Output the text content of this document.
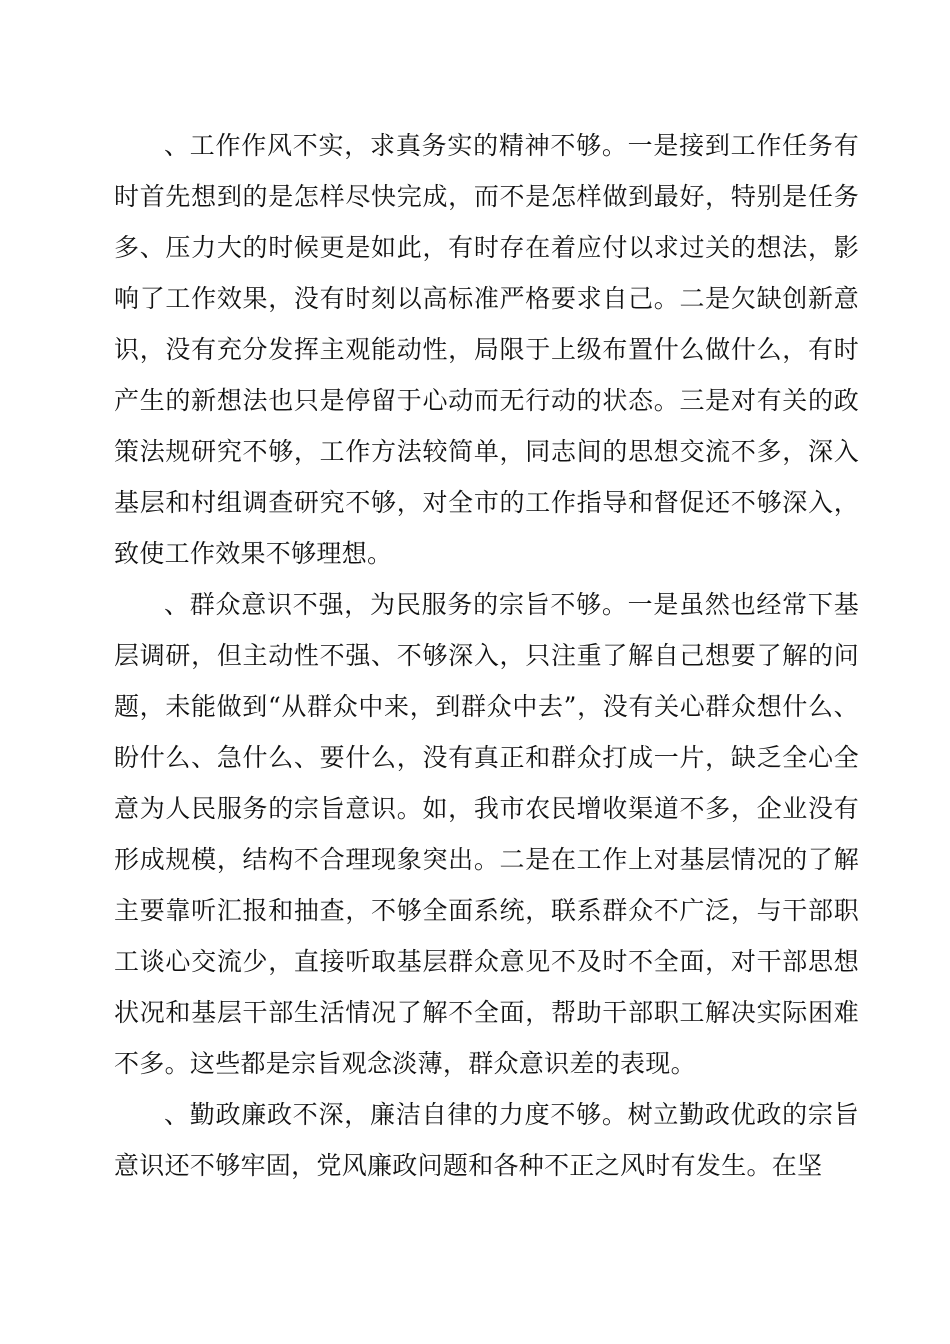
、工作作风不实，求真务实的精神不够。一是接到工作任务有时首先想到的是怎样尽快完成，而不是怎样做到最好，特别是任务多、压力大的时候更是如此，有时存在着应付以求过关的想法，影响了工作效果，没有时刻以高标准严格要求自己。二是欠缺创新意识，没有充分发挥主观能动性，局限于上级布置什么做什么，有时产生的新想法也只是停留于心动而无行动的状态。三是对有关的政策法规研究不够，工作方法较简单，同志间的思想交流不多，深入基层和村组调查研究不够，对全市的工作指导和督促还不够深入，致使工作效果不够理想。

、群众意识不强，为民服务的宗旨不够。一是虽然也经常下基层调研，但主动性不强、不够深入，只注重了解自己想要了解的问题，未能做到“从群众中来，到群众中去”，没有关心群众想什么、盼什么、急什么、要什么，没有真正和群众打成一片，缺乏全心全意为人民服务的宗旨意识。如，我市农民增收渠道不多，企业没有形成规模，结构不合理现象突出。二是在工作上对基层情况的了解主要靠听汇报和抽查，不够全面系统，联系群众不广泛，与干部职工谈心交流少，直接听取基层群众意见不及时不全面，对干部思想状况和基层干部生活情况了解不全面，帮助干部职工解决实际困难不多。这些都是宗旨观念淡薄，群众意识差的表现。

、勤政廉政不深，廉洁自律的力度不够。树立勤政优政的宗旨意识还不够牢固，党风廉政问题和各种不正之风时有发生。在坚
